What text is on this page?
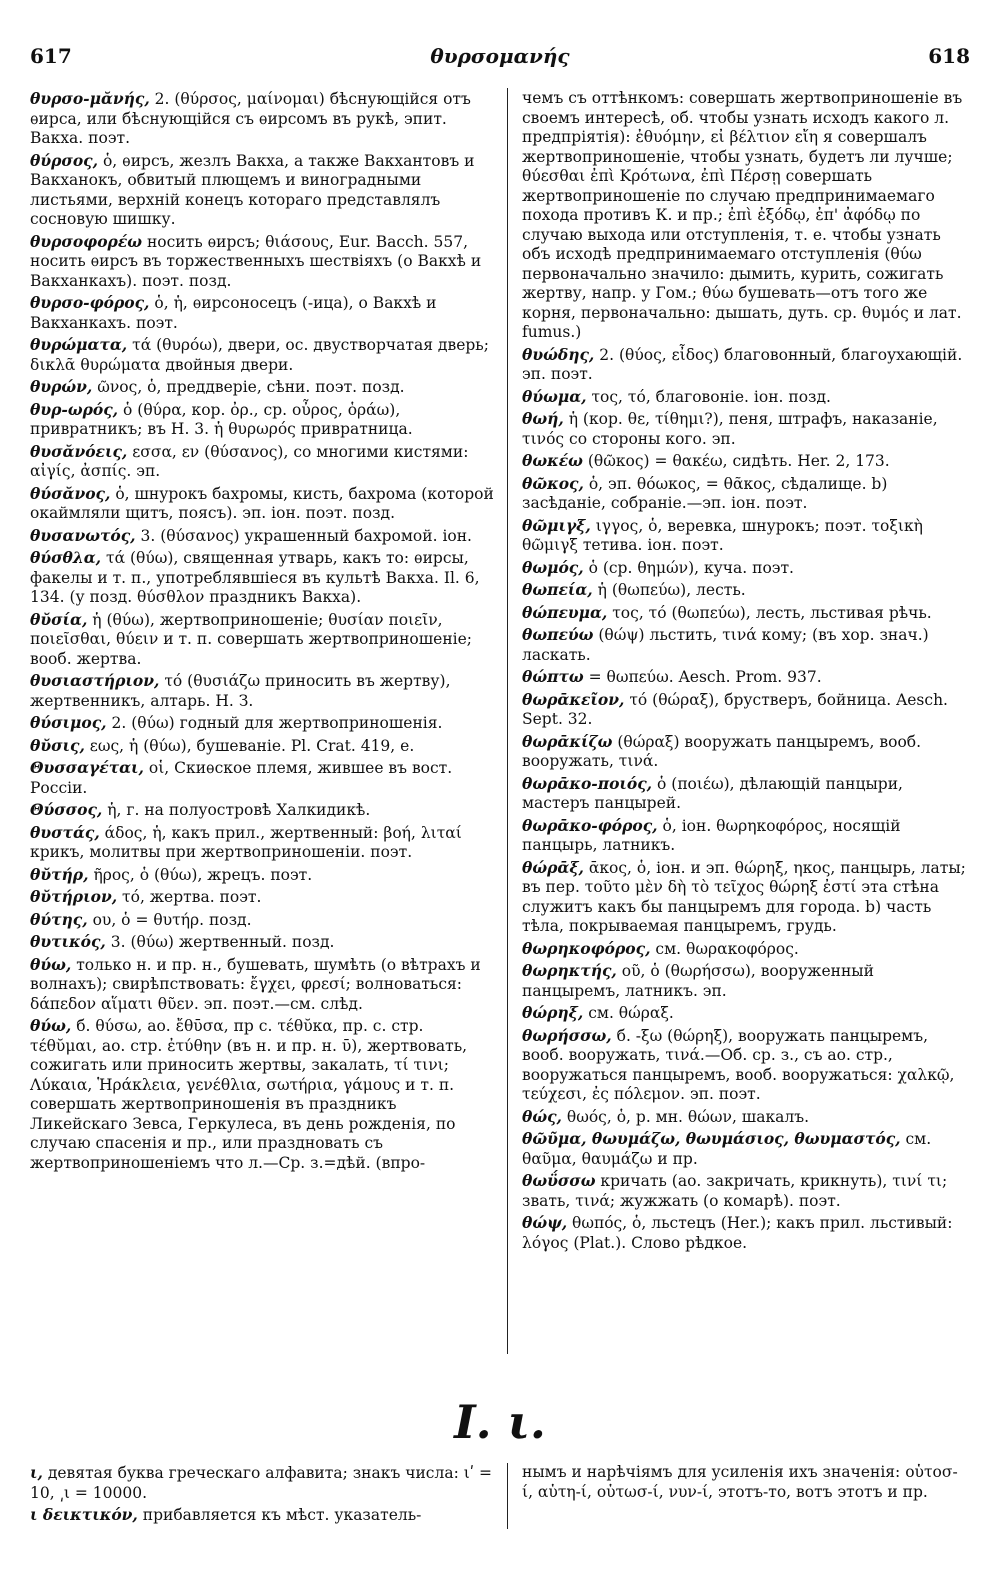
617	θυρσομανής	618

θυρσο-μᾰνής, 2. (θύρσος, μαίνομαι) бѣснующійся отъ ѳирса, или бѣснующійся съ ѳирсомъ въ рукѣ, эпит. Вакха. поэт.

θύρσος, ὁ, ѳирсъ, жезлъ Вакха, а также Вакхантовъ и Вакханокъ, обвитый плющемъ и виноградными листьями, верхній конецъ котораго представлялъ сосновую шишку.

θυρσοφορέω носить ѳирсъ; θιάσους, Eur. Bacch. 557, носить ѳирсъ въ торжественныхъ шествіяхъ (о Вакхѣ и Вакханкахъ). поэт. позд.

θυρσο-φόρος, ὁ, ἡ, ѳирсоносецъ (-ица), о Вакхѣ и Вакханкахъ. поэт.

θυρώματα, τά (θυρόω), двери, ос. двустворчатая дверь; δικλᾶ θυρώματα двойныя двери.

θυρών, ῶνος, ὁ, преддверіе, сѣни. поэт. позд.

θυρ-ωρός, ὁ (θύρα, кор. ὀρ., ср. οὖρος, ὁράω), привратникъ; въ Н. 3. ἡ θυρωρός привратница.

θυσᾰνόεις, εσσα, εν (θύσανος), со многими кистями: αἰγίς, ἀσπίς. эп.

θύσᾰνος, ὁ, шнурокъ бахромы, кисть, бахрома (которой окаймляли щитъ, поясъ). эп. іон. поэт. позд.

θυσανωτός, 3. (θύσανος) украшенный бахромой. іон.

θύσθλα, τά (θύω), священная утварь, какъ то: ѳирсы, факелы и т. п., употреблявшіеся въ культѣ Вакха. Il. 6, 134. (у позд. θύσθλον праздникъ Вакха).

θῠσία, ἡ (θύω), жертвоприношеніе; θυσίαν ποιεῖν, ποιεῖσθαι, θύειν и т. п. совершать жертвоприношеніе; вооб. жертва.

θυσιαστήριον, τό (θυσιάζω приносить въ жертву), жертвенникъ, алтарь. Н. З.

θύσιμος, 2. (θύω) годный для жертвоприношенія.

θῠσις, εως, ἡ (θύω), бушеваніе. Pl. Crat. 419, e.

Θυσσαγέται, οἱ, Скиѳское племя, жившее въ вост. Россіи.

Θύσσος, ἡ, г. на полуостровѣ Халкидикѣ.

θυστάς, άδος, ἡ, какъ прил., жертвенный: βοή, λιταί крикъ, молитвы при жертвоприношеніи. поэт.

θῠτήρ, ῆρος, ὁ (θύω), жрецъ. поэт.

θῠτήριον, τό, жертва. поэт.

θύτης, ου, ὁ = θυτήρ. позд.

θυτικός, 3. (θύω) жертвенный. позд.

θύω, только н. и пр. н., бушевать, шумѣть (о вѣтрахъ и волнахъ); свирѣпствовать: ἔγχει, φρεσί; волноваться: δάπεδον αἵματι θῦεν. эп. поэт.—см. слѣд.

θύω, б. θύσω, ао. ἔθῡσα, пр с. τέθῠκα, пр. с. стр. τέθῠμαι, ао. стр. ἐτύθην (въ н. и пр. н. ῡ), жертвовать, сожигать или приносить жертвы, закалать, τί τινι; Λύκαια, Ἡράκλεια, γενέθλια, σωτήρια, γάμους и т. п. совершать жертвоприношенія въ праздникъ Ликейскаго Зевса, Геркулеса, въ день рожденія, по случаю спасенія и пр., или праздновать съ жертвоприношеніемъ что л.—Ср. з.=дѣй. (впро-

чемъ съ оттѣнкомъ: совершать жертвоприношеніе въ своемъ интересѣ, об. чтобы узнать исходъ какого л. предпріятія): ἐθυόμην, εἰ βέλτιον εἴη я совершалъ жертвоприношеніе, чтобы узнать, будетъ ли лучше; θύεσθαι ἐπὶ Κρότωνα, ἐπὶ Πέρσῃ совершать жертвоприношеніе по случаю предпринимаемаго похода противъ К. и пр.; ἐπὶ ἐξόδῳ, ἐπ' ἀφόδῳ по случаю выхода или отступленія, т. е. чтобы узнать объ исходѣ предпринимаемаго отступленія (θύω первоначально значило: дымить, курить, сожигать жертву, напр. у Гом.; θύω бушевать—отъ того же корня, первоначально: дышать, дуть. ср. θυμός и лат. fumus.)

θυώδης, 2. (θύος, εἶδος) благовонный, благоухающій. эп. поэт.

θύωμα, τος, τό, благовоніе. іон. позд.

θωή, ἡ (кор. θε, τίθημι?), пеня, штрафъ, наказаніе, τινός со стороны кого. эп.

θωκέω (θῶκος) = θακέω, сидѣть. Her. 2, 173.

θῶκος, ὁ, эп. θόωκος, = θᾶκος, сѣдалище. b) засѣданіе, собраніе.—эп. іон. поэт.

θῶμιγξ, ιγγος, ὁ, веревка, шнурокъ; поэт. τοξικὴ θῶμιγξ тетива. іон. поэт.

θωμός, ὁ (ср. θημών), куча. поэт.

θωπεία, ἡ (θωπεύω), лесть.

θώπευμα, τος, τό (θωπεύω), лесть, льстивая рѣчь.

θωπεύω (θώψ) льстить, τινά кому; (въ хор. знач.) ласкать.

θώπτω = θωπεύω. Aesch. Prom. 937.

θωρᾱκεῖον, τό (θώραξ), брустверъ, бойница. Aesch. Sept. 32.

θωρᾱκίζω (θώραξ) вооружать панцыремъ, вооб. вооружать, τινά.

θωρᾱκο-ποιός, ὁ (ποιέω), дѣлающій панцыри, мастеръ панцырей.

θωρᾱκο-φόρος, ὁ, іон. θωρηκοφόρος, носящій панцырь, латникъ.

θώρᾱξ, ᾱκος, ὁ, іон. и эп. θώρηξ, ηκος, панцырь, латы; въ пер. τοῦτο μὲν δὴ τὸ τεῖχος θώρηξ ἐστί эта стѣна служитъ какъ бы панцыремъ для города. b) часть тѣла, покрываемая панцыремъ, грудь.

θωρηκοφόρος, см. θωρακοφόρος.

θωρηκτής, οῦ, ὁ (θωρήσσω), вооруженный панцыремъ, латникъ. эп.

θώρηξ, см. θώραξ.

θωρήσσω, б. -ξω (θώρηξ), вооружать панцыремъ, вооб. вооружать, τινά.—Об. ср. з., съ ао. стр., вооружаться панцыремъ, вооб. вооружаться: χαλκῷ, τεύχεσι, ἐς πόλεμον. эп. поэт.

θώς, θωός, ὁ, р. мн. θώων, шакалъ.

θῶῦμα, θωυμάζω, θωυμάσιος, θωυμαστός, см. θαῦμα, θαυμάζω и пр.

θωΰσσω кричать (ао. закричать, крикнуть), τινί τι; звать, τινά; жужжать (о комарѣ). поэт.

θώψ, θωπός, ὁ, льстецъ (Her.); какъ прил. льстивый: λόγος (Plat.). Слово рѣдкое.

Ι. ι.

ι, девятая буква греческаго алфавита; знакъ числа: ιʹ = 10, ͵ι = 10000.

ι δεικτικόν, прибавляется къ мѣст. указатель-

нымъ и нарѣчіямъ для усиленія ихъ значенія: οὑτοσ-ί, αὑτη-ί, οὑτωσ-ί, νυν-ί, этотъ-то, вотъ этотъ и пр.
